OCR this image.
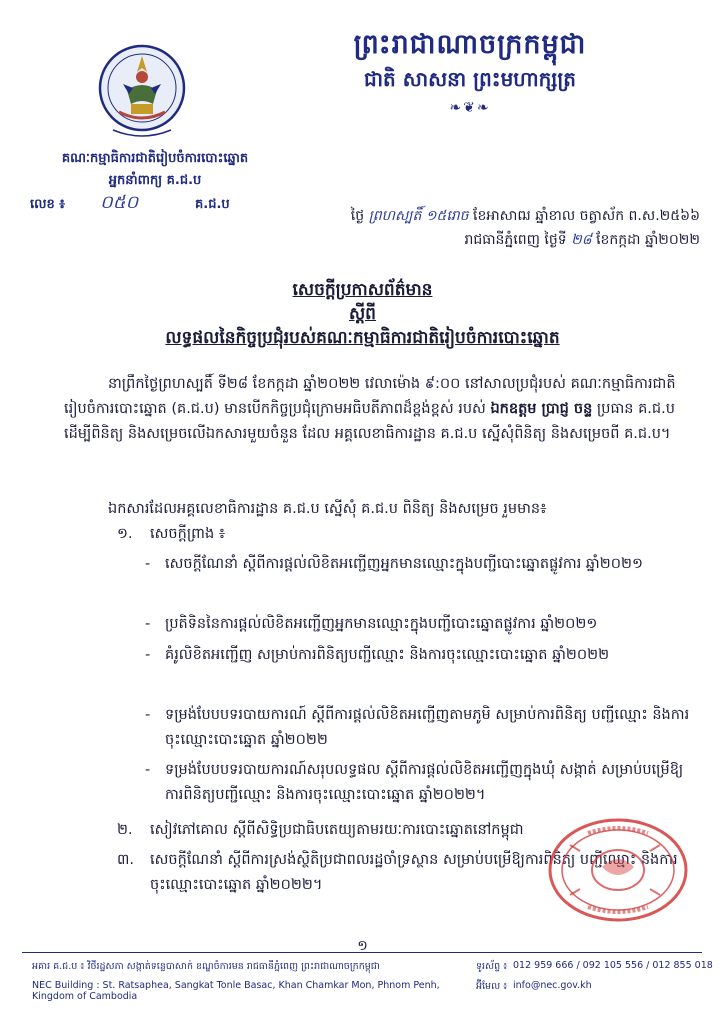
ព្រះរាជាណាចក្រកម្ពុជា
ជាតិ សាសនា ព្រះមហាក្សត្រ
❧❦❧
គណៈកម្មាធិការជាតិរៀបចំការបោះឆ្នោត
អ្នកនាំពាក្យ គ.ជ.ប
លេខ ៖ ០៥០	គ.ជ.ប
ថ្ងៃ ព្រហស្បតិ៍ ១៥រោច ខែអាសាឍ ឆ្នាំខាល ចត្វាស័ក ព.ស.២៥៦៦
រាជធានីភ្នំពេញ ថ្ងៃទី ២៨ ខែកក្កដា ឆ្នាំ២០២២
សេចក្តីប្រកាសព័ត៌មាន
ស្តីពី
លទ្ធផលនៃកិច្ចប្រជុំរបស់គណៈកម្មាធិការជាតិរៀបចំការបោះឆ្នោត
នាព្រឹកថ្ងៃព្រហស្បតិ៍ ទី២៨ ខែកក្កដា ឆ្នាំ២០២២ វេលាម៉ោង ៩:០០ នៅសាលប្រជុំរបស់ គណៈកម្មាធិការជាតិរៀបចំការបោះឆ្នោត (គ.ជ.ប) មានបើកកិច្ចប្រជុំក្រោមអធិបតីភាពដ៏ខ្ពង់ខ្ពស់ របស់ ឯកឧត្តម ប្រាជ្ញ ចន្ទ ប្រធាន គ.ជ.ប ដើម្បីពិនិត្យ និងសម្រេចលើឯកសារមួយចំនួន ដែល អគ្គលេខាធិការដ្ឋាន គ.ជ.ប ស្នើសុំពិនិត្យ និងសម្រេចពី គ.ជ.ប។
ឯកសារដែលអគ្គលេខាធិការដ្ឋាន គ.ជ.ប ស្នើសុំ គ.ជ.ប ពិនិត្យ និងសម្រេច រួមមាន៖
១. សេចក្តីព្រាង ៖
- សេចក្តីណែនាំ ស្តីពីការផ្តល់លិខិតអញ្ជើញអ្នកមានឈ្មោះក្នុងបញ្ជីបោះឆ្នោតផ្លូវការ ឆ្នាំ២០២១
- ប្រតិទិននៃការផ្តល់លិខិតអញ្ជើញអ្នកមានឈ្មោះក្នុងបញ្ជីបោះឆ្នោតផ្លូវការ ឆ្នាំ២០២១
- គំរូលិខិតអញ្ជើញ សម្រាប់ការពិនិត្យបញ្ជីឈ្មោះ និងការចុះឈ្មោះបោះឆ្នោត ឆ្នាំ២០២២
- ទម្រង់បែបបទរបាយការណ៍ ស្តីពីការផ្តល់លិខិតអញ្ជើញតាមភូមិ សម្រាប់ការពិនិត្យ បញ្ជីឈ្មោះ និងការចុះឈ្មោះបោះឆ្នោត ឆ្នាំ២០២២
- ទម្រង់បែបបទរបាយការណ៍សរុបលទ្ធផល ស្តីពីការផ្តល់លិខិតអញ្ជើញក្នុងឃុំ សង្កាត់ សម្រាប់បម្រើឱ្យការពិនិត្យបញ្ជីឈ្មោះ និងការចុះឈ្មោះបោះឆ្នោត ឆ្នាំ២០២២។
២. សៀវភៅគោល ស្តីពីសិទ្ធិប្រជាធិបតេយ្យតាមរយៈការបោះឆ្នោតនៅកម្ពុជា
៣. សេចក្តីណែនាំ ស្តីពីការស្រង់ស្ថិតិប្រជាពលរដ្ឋចាំទ្រស្ថាន សម្រាប់បម្រើឱ្យការពិនិត្យ បញ្ជីឈ្មោះ និងការចុះឈ្មោះបោះឆ្នោត ឆ្នាំ២០២២។
១
អគារ គ.ជ.ប ៖ វិថីរដ្ឋសភា សង្កាត់ទន្លេបាសាក់ ខណ្ឌចំការមន រាជធានីភ្នំពេញ ព្រះរាជាណាចក្រកម្ពុជា
NEC Building : St. Ratsaphea, Sangkat Tonle Basac, Khan Chamkar Mon, Phnom Penh, Kingdom of Cambodia
ទូរស័ព្ទ ៖ 012 959 666 / 092 105 556 / 012 855 018
អ៊ីមែល ៖ info@nec.gov.kh
